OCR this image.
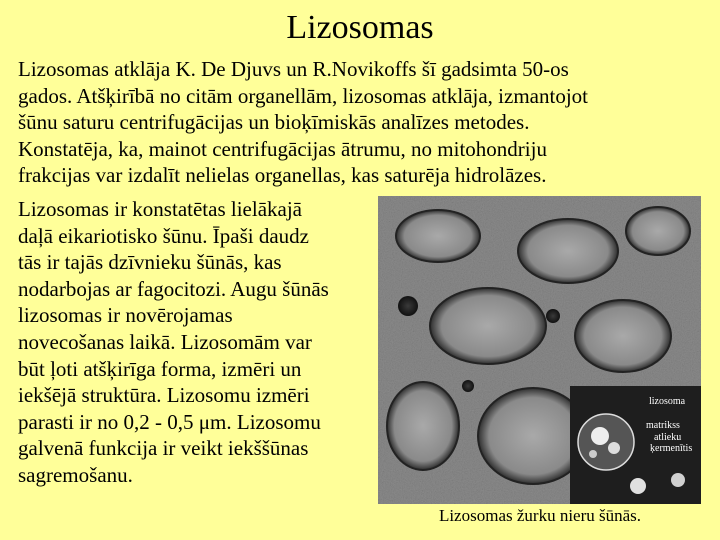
Lizosomas
Lizosomas atklāja K. De Djuvs un R.Novikoffs šī gadsimta 50-os
gados. Atšķirībā no citām organellām, lizosomas atklāja, izmantojot
šūnu saturu centrifugācijas un bioķīmiskās analīzes metodes.
Konstatēja, ka, mainot centrifugācijas ātrumu, no mitohondriju
frakcijas var izdalīt nelielas organellas, kas saturēja hidrolāzes.
Lizosomas ir konstatētas lielākajā
daļā eikariotisko šūnu. Īpaši daudz
tās ir tajās dzīvnieku šūnās, kas
nodarbojas ar fagocitozi. Augu šūnās
lizosomas ir novērojamas
novecošanas laikā. Lizosomām var
būt ļoti atšķirīga forma, izmēri un
iekšējā struktūra. Lizosomu izmēri
parasti ir no 0,2 - 0,5 μm. Lizosomu
galvenā funkcija ir veikt iekššūnas
sagremošanu.
lizosoma
matrikss
atlieku
ķermenītis
Lizosomas žurku nieru šūnās.
